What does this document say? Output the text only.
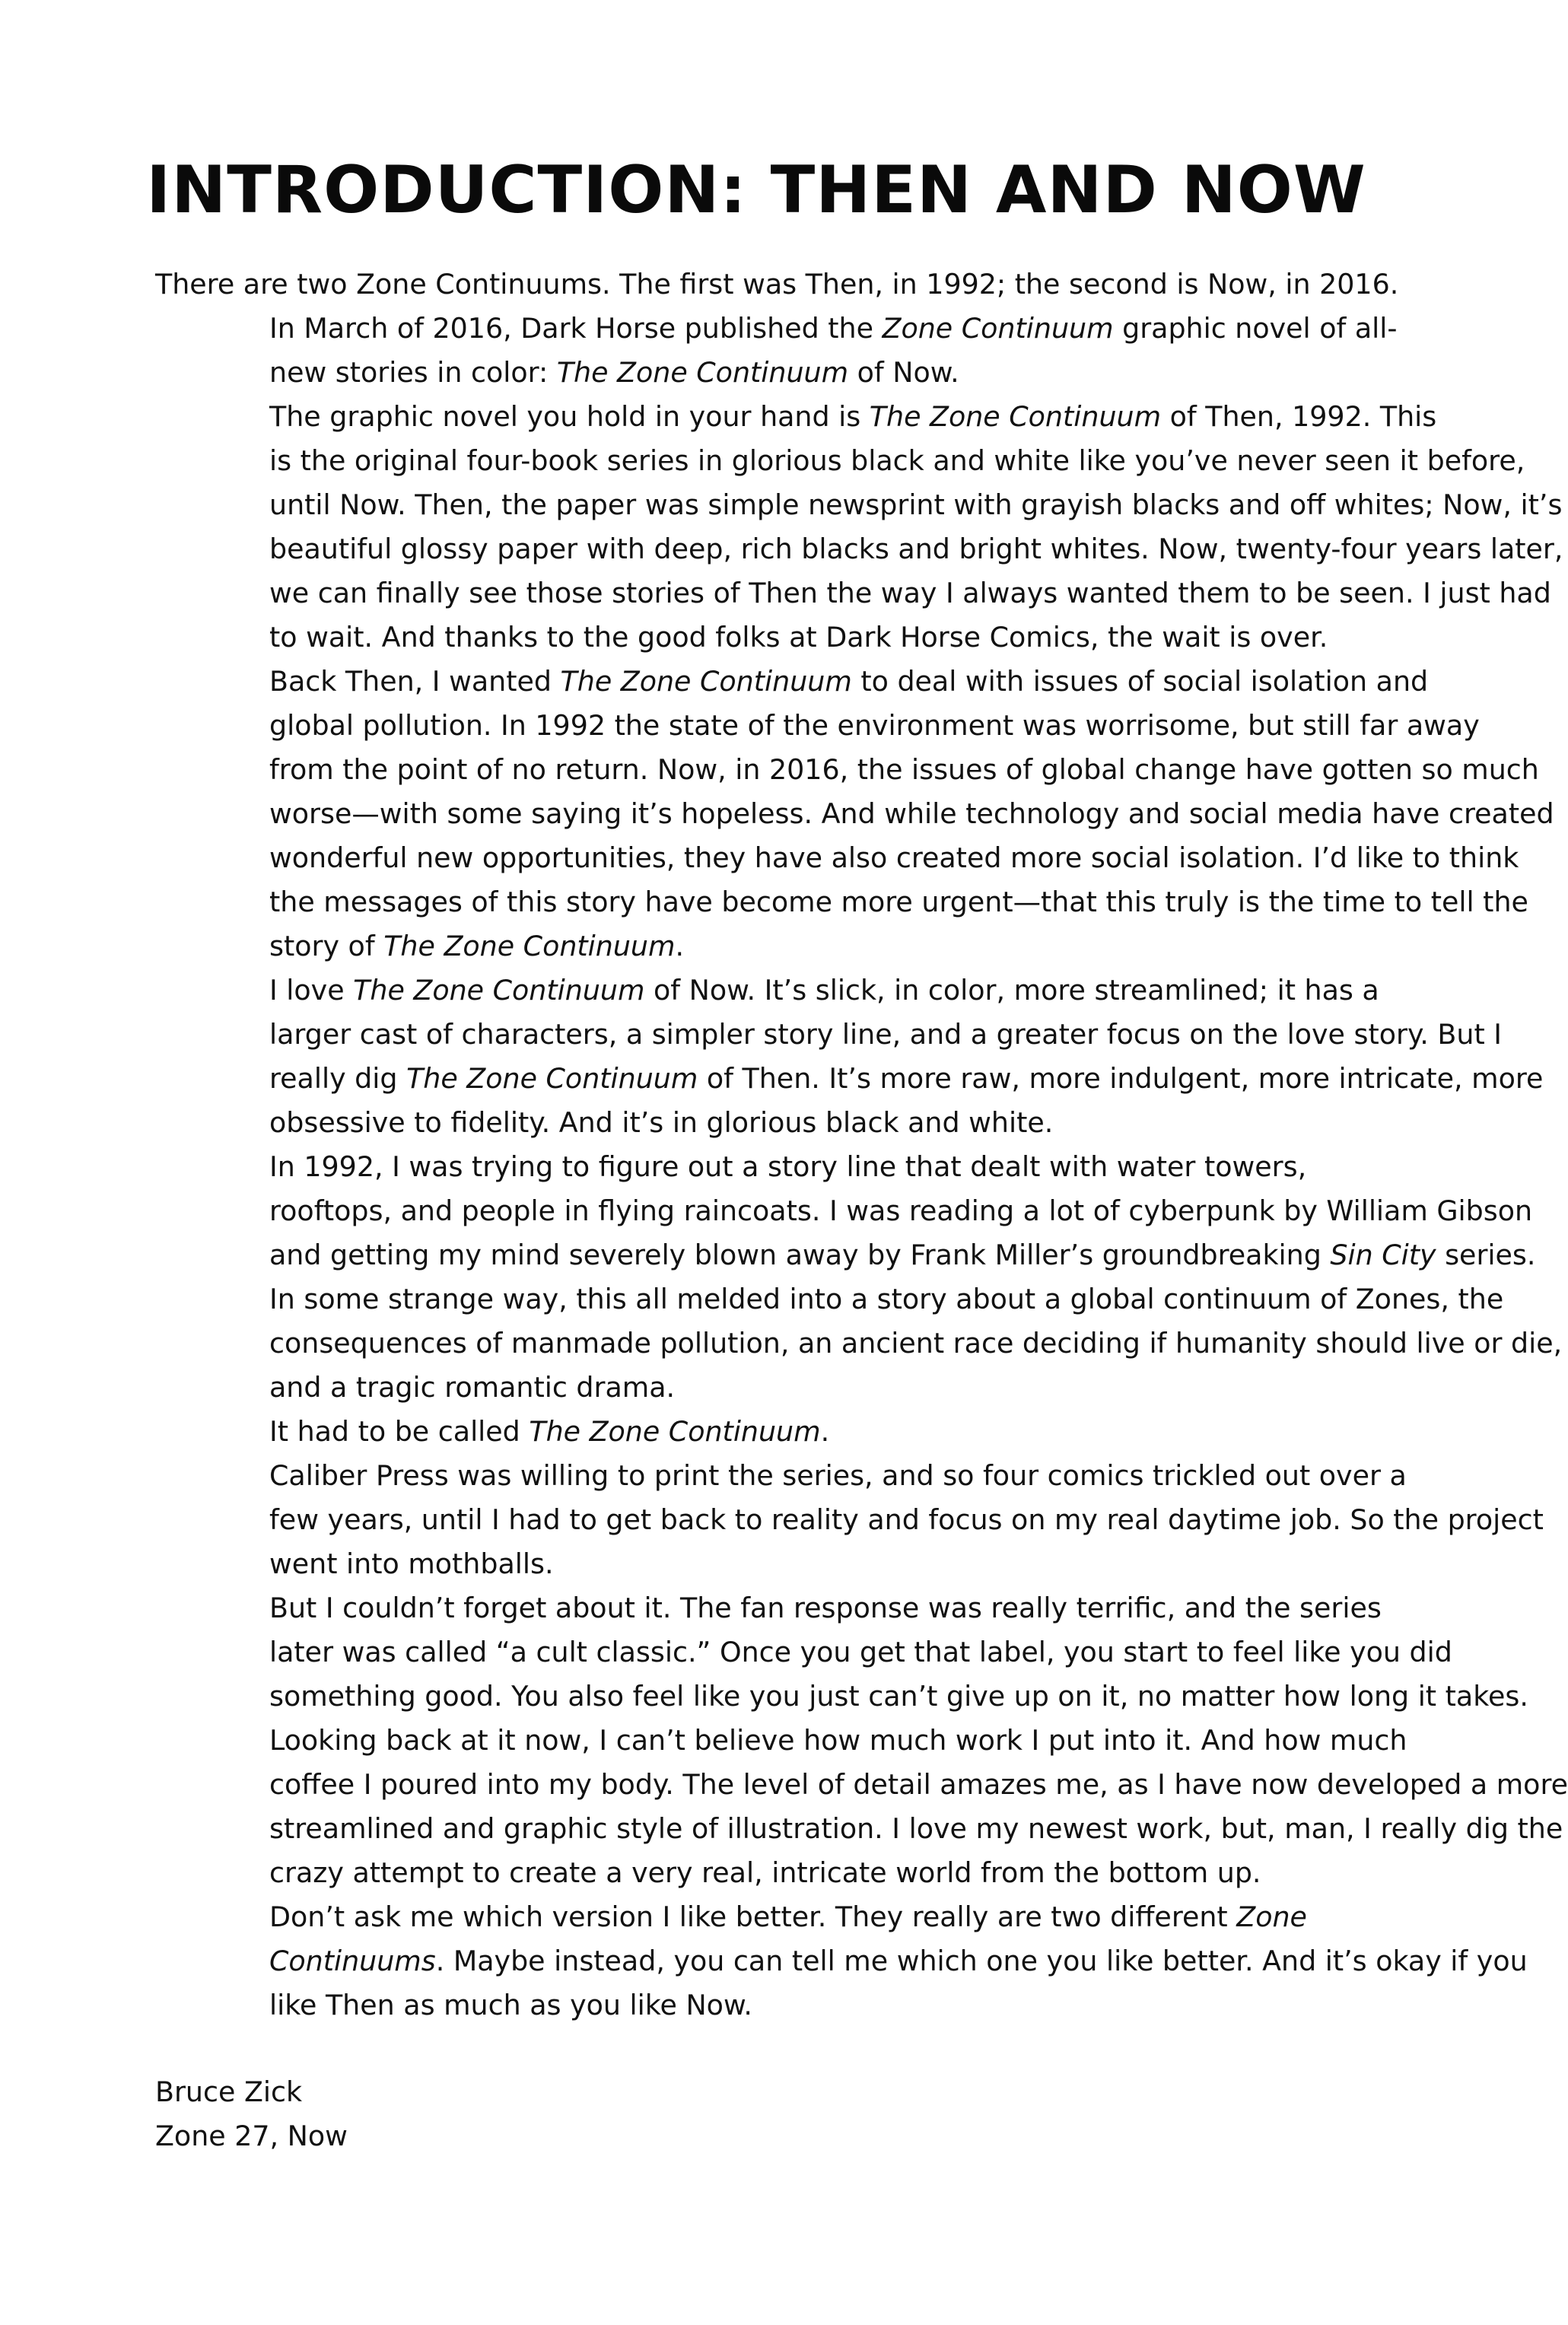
INTRODUCTION: THEN AND NOW

There are two Zone Continuums. The first was Then, in 1992; the second is Now, in 2016.

In March of 2016, Dark Horse published the Zone Continuum graphic novel of all-
new stories in color: The Zone Continuum of Now.

The graphic novel you hold in your hand is The Zone Continuum of Then, 1992. This
is the original four-book series in glorious black and white like you’ve never seen it before,
until Now. Then, the paper was simple newsprint with grayish blacks and off whites; Now, it’s
beautiful glossy paper with deep, rich blacks and bright whites. Now, twenty-four years later,
we can finally see those stories of Then the way I always wanted them to be seen. I just had
to wait. And thanks to the good folks at Dark Horse Comics, the wait is over.

Back Then, I wanted The Zone Continuum to deal with issues of social isolation and
global pollution. In 1992 the state of the environment was worrisome, but still far away
from the point of no return. Now, in 2016, the issues of global change have gotten so much
worse—with some saying it’s hopeless. And while technology and social media have created
wonderful new opportunities, they have also created more social isolation. I’d like to think
the messages of this story have become more urgent—that this truly is the time to tell the
story of The Zone Continuum.

I love The Zone Continuum of Now. It’s slick, in color, more streamlined; it has a
larger cast of characters, a simpler story line, and a greater focus on the love story. But I
really dig The Zone Continuum of Then. It’s more raw, more indulgent, more intricate, more
obsessive to fidelity. And it’s in glorious black and white.

In 1992, I was trying to figure out a story line that dealt with water towers,
rooftops, and people in flying raincoats. I was reading a lot of cyberpunk by William Gibson
and getting my mind severely blown away by Frank Miller’s groundbreaking Sin City series.
In some strange way, this all melded into a story about a global continuum of Zones, the
consequences of manmade pollution, an ancient race deciding if humanity should live or die,
and a tragic romantic drama.

It had to be called The Zone Continuum.

Caliber Press was willing to print the series, and so four comics trickled out over a
few years, until I had to get back to reality and focus on my real daytime job. So the project
went into mothballs.

But I couldn’t forget about it. The fan response was really terrific, and the series
later was called “a cult classic.” Once you get that label, you start to feel like you did
something good. You also feel like you just can’t give up on it, no matter how long it takes.

Looking back at it now, I can’t believe how much work I put into it. And how much
coffee I poured into my body. The level of detail amazes me, as I have now developed a more
streamlined and graphic style of illustration. I love my newest work, but, man, I really dig the
crazy attempt to create a very real, intricate world from the bottom up.

Don’t ask me which version I like better. They really are two different Zone
Continuums. Maybe instead, you can tell me which one you like better. And it’s okay if you
like Then as much as you like Now.

Bruce Zick
Zone 27, Now
